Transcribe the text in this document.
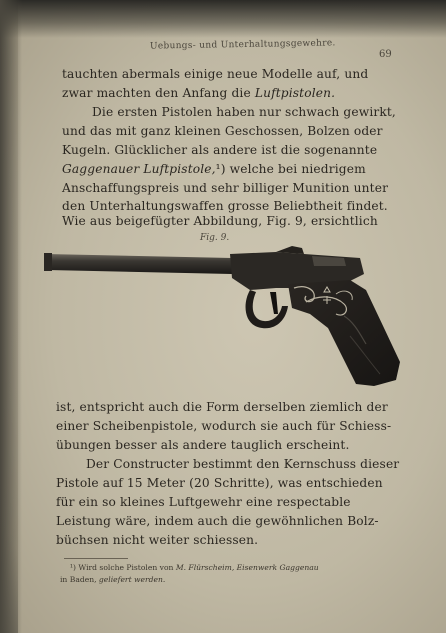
Uebungs- und Unterhaltungsgewehre.
69
tauchten abermals einige neue Modelle auf, und
zwar machten den Anfang die Luftpistolen.
Die ersten Pistolen haben nur schwach gewirkt,
und das mit ganz kleinen Geschossen, Bolzen oder
Kugeln. Glücklicher als andere ist die sogenannte
Gaggenauer Luftpistole,¹) welche bei niedrigem
Anschaffungspreis und sehr billiger Munition unter
den Unterhaltungswaffen grosse Beliebtheit findet.
Wie aus beigefügter Abbildung, Fig. 9, ersichtlich
Fig. 9.
ist, entspricht auch die Form derselben ziemlich der
einer Scheibenpistole, wodurch sie auch für Schiess-
übungen besser als andere tauglich erscheint.
Der Constructer bestimmt den Kernschuss dieser
Pistole auf 15 Meter (20 Schritte), was entschieden
für ein so kleines Luftgewehr eine respectable
Leistung wäre, indem auch die gewöhnlichen Bolz-
büchsen nicht weiter schiessen.
¹) Wird solche Pistolen von M. Flürscheim, Eisenwerk Gaggenau
in Baden, geliefert werden.
